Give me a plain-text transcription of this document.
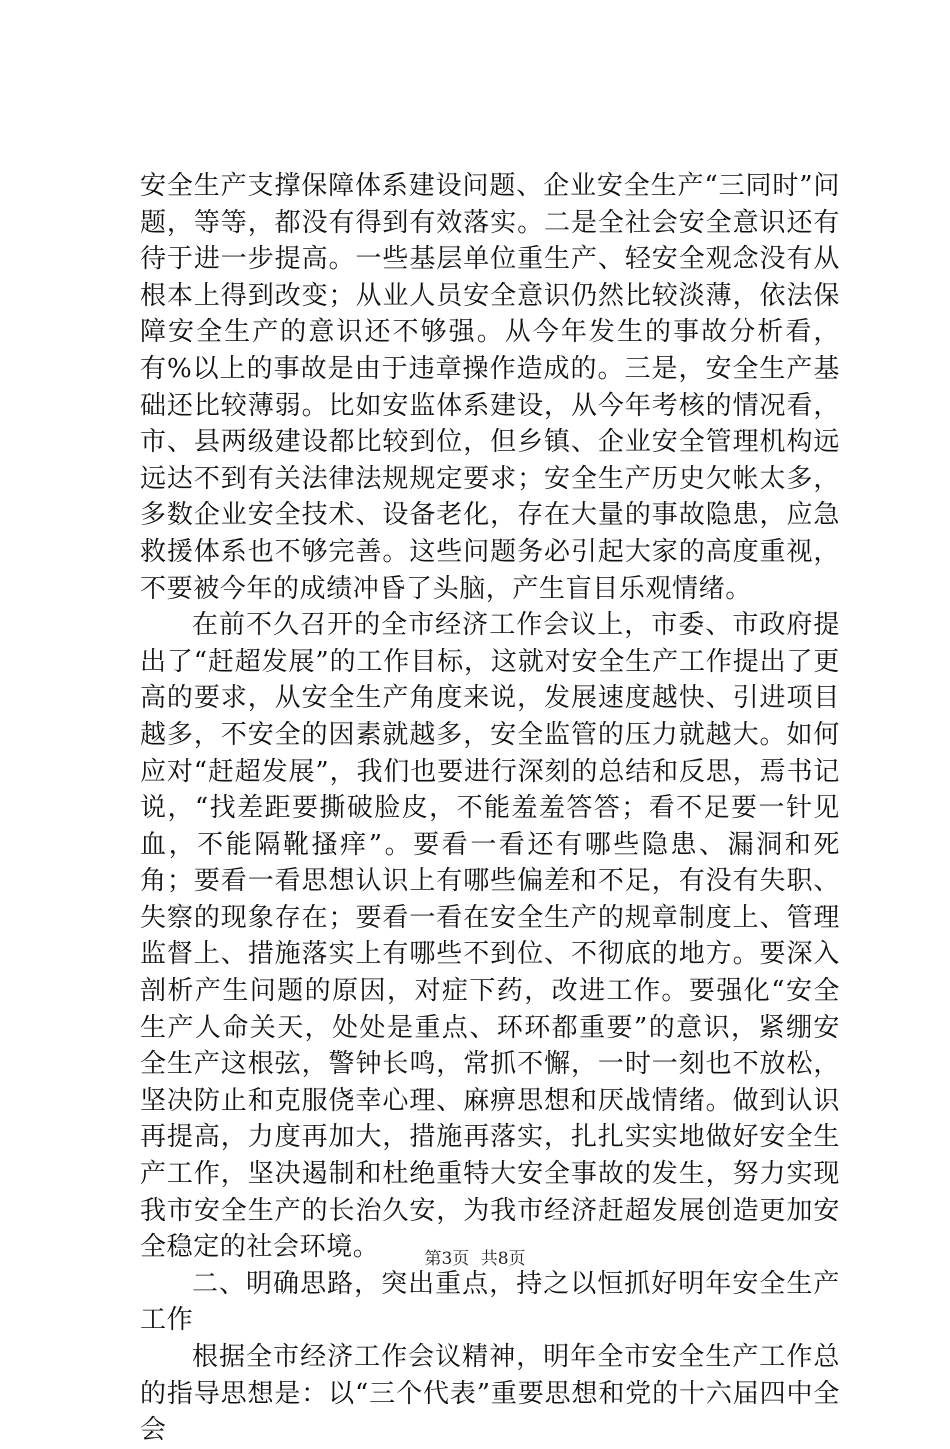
安全生产支撑保障体系建设问题、企业安全生产“三同时”问题，等等，都没有得到有效落实。二是全社会安全意识还有待于进一步提高。一些基层单位重生产、轻安全观念没有从根本上得到改变；从业人员安全意识仍然比较淡薄，依法保障安全生产的意识还不够强。从今年发生的事故分析看，有%以上的事故是由于违章操作造成的。三是，安全生产基础还比较薄弱。比如安监体系建设，从今年考核的情况看，市、县两级建设都比较到位，但乡镇、企业安全管理机构远远达不到有关法律法规规定要求；安全生产历史欠帐太多，多数企业安全技术、设备老化，存在大量的事故隐患，应急救援体系也不够完善。这些问题务必引起大家的高度重视，不要被今年的成绩冲昏了头脑，产生盲目乐观情绪。

在前不久召开的全市经济工作会议上，市委、市政府提出了“赶超发展”的工作目标，这就对安全生产工作提出了更高的要求，从安全生产角度来说，发展速度越快、引进项目越多，不安全的因素就越多，安全监管的压力就越大。如何应对“赶超发展”，我们也要进行深刻的总结和反思，焉书记说，“找差距要撕破脸皮，不能羞羞答答；看不足要一针见血，不能隔靴搔痒”。要看一看还有哪些隐患、漏洞和死角；要看一看思想认识上有哪些偏差和不足，有没有失职、失察的现象存在；要看一看在安全生产的规章制度上、管理监督上、措施落实上有哪些不到位、不彻底的地方。要深入剖析产生问题的原因，对症下药，改进工作。要强化“安全生产人命关天，处处是重点、环环都重要”的意识，紧绷安全生产这根弦，警钟长鸣，常抓不懈，一时一刻也不放松，坚决防止和克服侥幸心理、麻痹思想和厌战情绪。做到认识再提高，力度再加大，措施再落实，扎扎实实地做好安全生产工作，坚决遏制和杜绝重特大安全事故的发生，努力实现我市安全生产的长治久安，为我市经济赶超发展创造更加安全稳定的社会环境。

二、明确思路，突出重点，持之以恒抓好明年安全生产工作

根据全市经济工作会议精神，明年全市安全生产工作总的指导思想是：以“三个代表”重要思想和党的十六届四中全会

第3页 共8页
